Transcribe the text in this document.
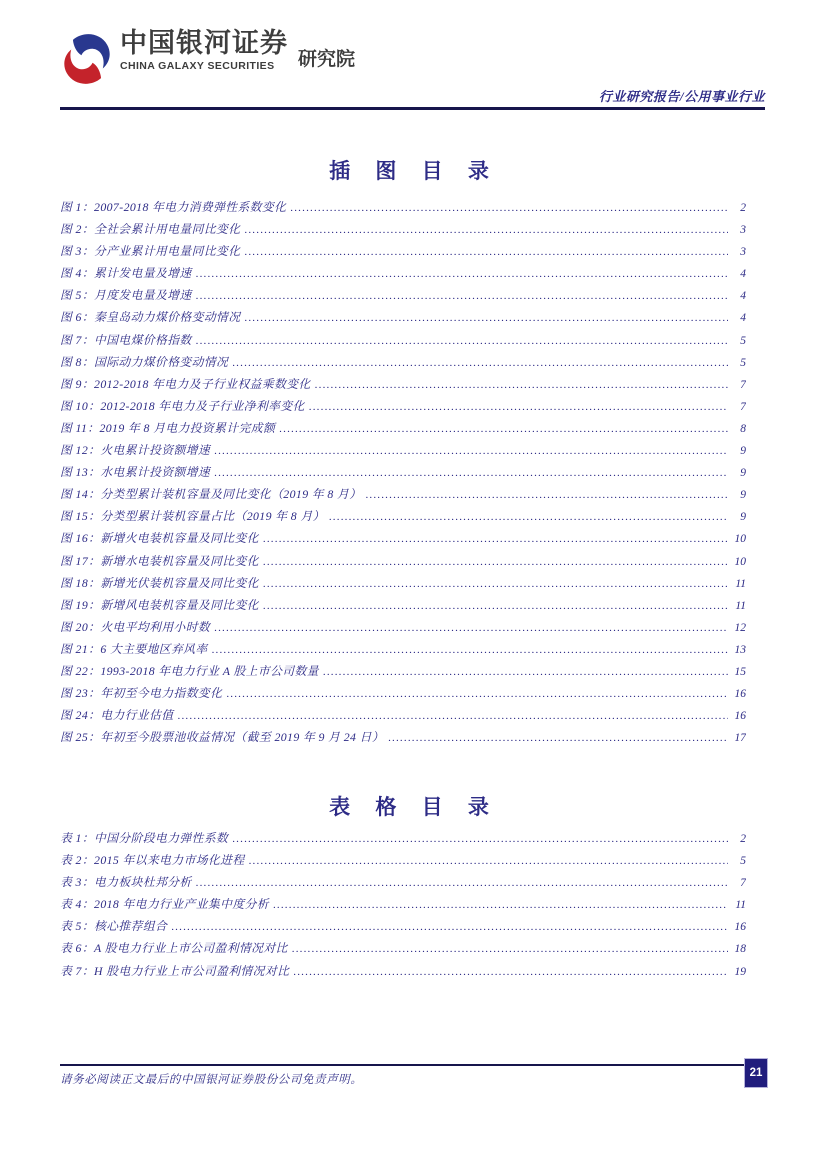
中国银河证券
CHINA GALAXY SECURITIES	研究院
行业研究报告/公用事业行业
插 图 目 录
图 1：2007-2018 年电力消费弹性系数变化 .....	2
图 2：全社会累计用电量同比变化 .....	3
图 3：分产业累计用电量同比变化 .....	3
图 4：累计发电量及增速 .....	4
图 5：月度发电量及增速 .....	4
图 6：秦皇岛动力煤价格变动情况 .....	4
图 7：中国电煤价格指数 .....	5
图 8：国际动力煤价格变动情况 .....	5
图 9：2012-2018 年电力及子行业权益乘数变化 .....	7
图 10：2012-2018 年电力及子行业净利率变化 .....	7
图 11：2019 年 8 月电力投资累计完成额 .....	8
图 12：火电累计投资额增速 .....	9
图 13：水电累计投资额增速 .....	9
图 14：分类型累计装机容量及同比变化（2019 年 8 月） .....	9
图 15：分类型累计装机容量占比（2019 年 8 月） .....	9
图 16：新增火电装机容量及同比变化 .....	10
图 17：新增水电装机容量及同比变化 .....	10
图 18：新增光伏装机容量及同比变化 .....	11
图 19：新增风电装机容量及同比变化 .....	11
图 20：火电平均利用小时数 .....	12
图 21：6 大主要地区弃风率 .....	13
图 22：1993-2018 年电力行业 A 股上市公司数量 .....	15
图 23：年初至今电力指数变化 .....	16
图 24：电力行业估值 .....	16
图 25：年初至今股票池收益情况（截至 2019 年 9 月 24 日） .....	17
表 格 目 录
表 1：中国分阶段电力弹性系数 .....	2
表 2：2015 年以来电力市场化进程 .....	5
表 3：电力板块杜邦分析 .....	7
表 4：2018 年电力行业产业集中度分析 .....	11
表 5：核心推荐组合 .....	16
表 6：A 股电力行业上市公司盈利情况对比 .....	18
表 7：H 股电力行业上市公司盈利情况对比 .....	19
请务必阅读正文最后的中国银河证券股份公司免责声明。
21
